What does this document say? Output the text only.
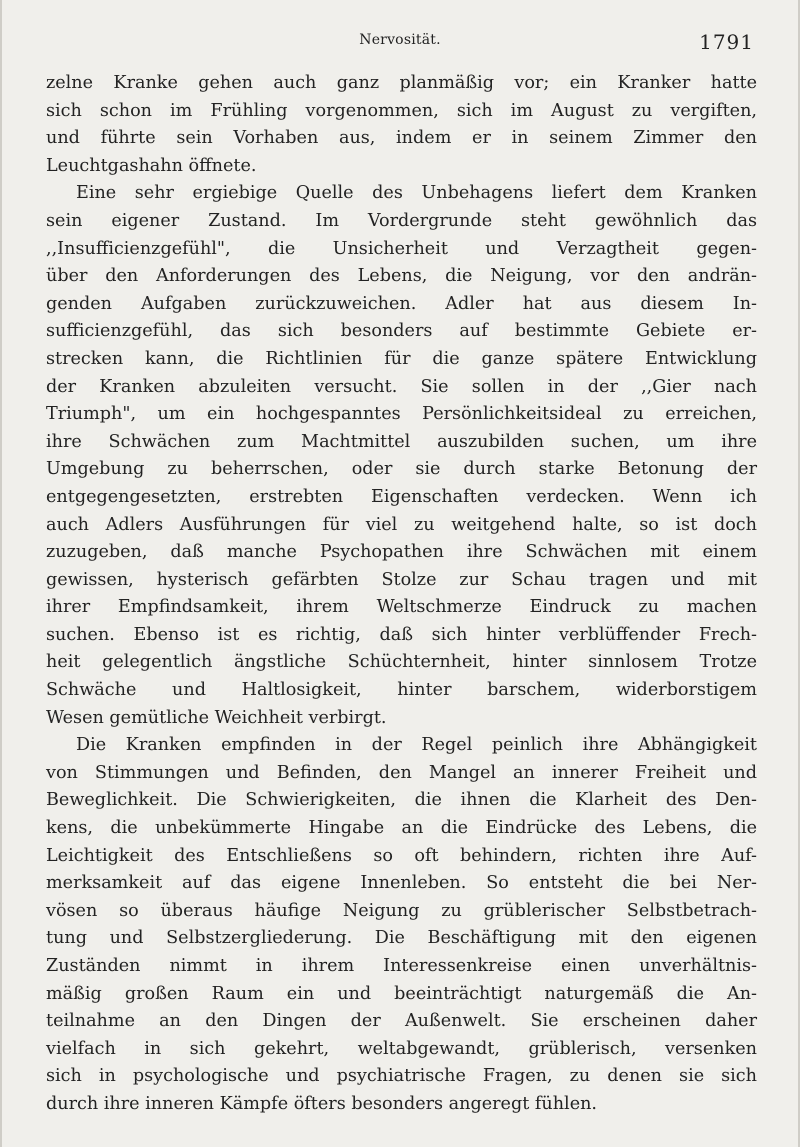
Nervosität.	1791
zelne Kranke gehen auch ganz planmäßig vor; ein Kranker hatte
sich schon im Frühling vorgenommen, sich im August zu vergiften,
und führte sein Vorhaben aus, indem er in seinem Zimmer den
Leuchtgashahn öffnete.
Eine sehr ergiebige Quelle des Unbehagens liefert dem Kranken
sein eigener Zustand. Im Vordergrunde steht gewöhnlich das
,,Insufficienzgefühl", die Unsicherheit und Verzagtheit gegen-
über den Anforderungen des Lebens, die Neigung, vor den andrän-
genden Aufgaben zurückzuweichen. Adler hat aus diesem In-
sufficienzgefühl, das sich besonders auf bestimmte Gebiete er-
strecken kann, die Richtlinien für die ganze spätere Entwicklung
der Kranken abzuleiten versucht. Sie sollen in der ,,Gier nach
Triumph", um ein hochgespanntes Persönlichkeitsideal zu erreichen,
ihre Schwächen zum Machtmittel auszubilden suchen, um ihre
Umgebung zu beherrschen, oder sie durch starke Betonung der
entgegengesetzten, erstrebten Eigenschaften verdecken. Wenn ich
auch Adlers Ausführungen für viel zu weitgehend halte, so ist doch
zuzugeben, daß manche Psychopathen ihre Schwächen mit einem
gewissen, hysterisch gefärbten Stolze zur Schau tragen und mit
ihrer Empfindsamkeit, ihrem Weltschmerze Eindruck zu machen
suchen. Ebenso ist es richtig, daß sich hinter verblüffender Frech-
heit gelegentlich ängstliche Schüchternheit, hinter sinnlosem Trotze
Schwäche und Haltlosigkeit, hinter barschem, widerborstigem
Wesen gemütliche Weichheit verbirgt.
Die Kranken empfinden in der Regel peinlich ihre Abhängigkeit
von Stimmungen und Befinden, den Mangel an innerer Freiheit und
Beweglichkeit. Die Schwierigkeiten, die ihnen die Klarheit des Den-
kens, die unbekümmerte Hingabe an die Eindrücke des Lebens, die
Leichtigkeit des Entschließens so oft behindern, richten ihre Auf-
merksamkeit auf das eigene Innenleben. So entsteht die bei Ner-
vösen so überaus häufige Neigung zu grüblerischer Selbstbetrach-
tung und Selbstzergliederung. Die Beschäftigung mit den eigenen
Zuständen nimmt in ihrem Interessenkreise einen unverhältnis-
mäßig großen Raum ein und beeinträchtigt naturgemäß die An-
teilnahme an den Dingen der Außenwelt. Sie erscheinen daher
vielfach in sich gekehrt, weltabgewandt, grüblerisch, versenken
sich in psychologische und psychiatrische Fragen, zu denen sie sich
durch ihre inneren Kämpfe öfters besonders angeregt fühlen.
